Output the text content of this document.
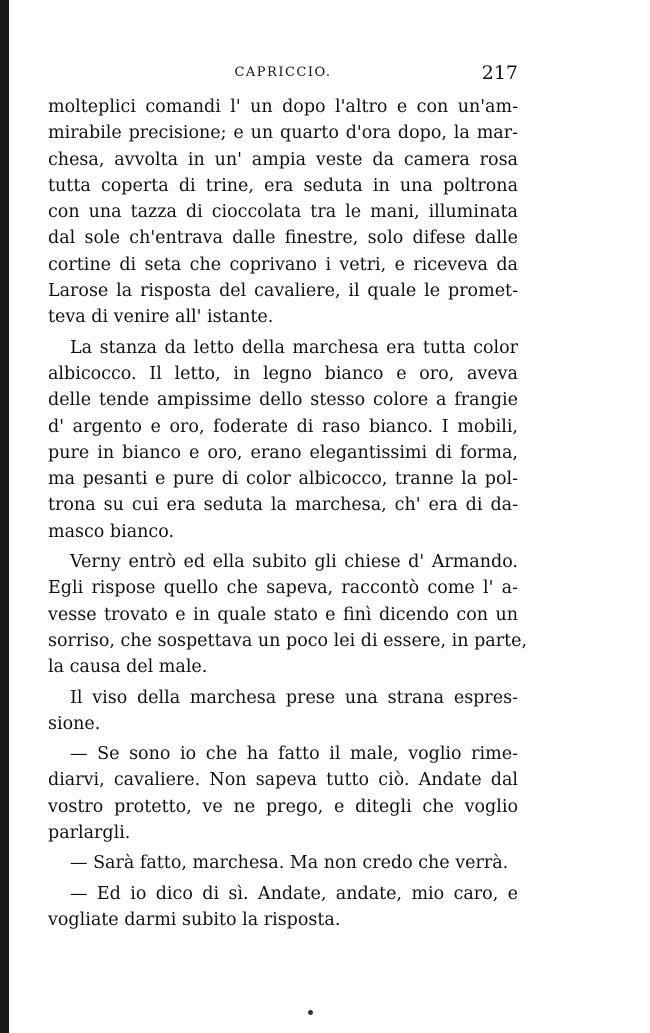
CAPRICCIO.	217
molteplici comandi l' un dopo l'altro e con un'am-
mirabile precisione; e un quarto d'ora dopo, la mar-
chesa, avvolta in un' ampia veste da camera rosa
tutta coperta di trine, era seduta in una poltrona
con una tazza di cioccolata tra le mani, illuminata
dal sole ch'entrava dalle finestre, solo difese dalle
cortine di seta che coprivano i vetri, e riceveva da
Larose la risposta del cavaliere, il quale le promet-
teva di venire all' istante.
La stanza da letto della marchesa era tutta color
albicocco. Il letto, in legno bianco e oro, aveva
delle tende ampissime dello stesso colore a frangie
d' argento e oro, foderate di raso bianco. I mobili,
pure in bianco e oro, erano elegantissimi di forma,
ma pesanti e pure di color albicocco, tranne la pol-
trona su cui era seduta la marchesa, ch' era di da-
masco bianco.
Verny entrò ed ella subito gli chiese d' Armando.
Egli rispose quello che sapeva, raccontò come l' a-
vesse trovato e in quale stato e finì dicendo con un
sorriso, che sospettava un poco lei di essere, in parte,
la causa del male.
Il viso della marchesa prese una strana espres-
sione.
— Se sono io che ha fatto il male, voglio rime-
diarvi, cavaliere. Non sapeva tutto ciò. Andate dal
vostro protetto, ve ne prego, e ditegli che voglio
parlargli.
— Sarà fatto, marchesa. Ma non credo che verrà.
— Ed io dico di sì. Andate, andate, mio caro, e
vogliate darmi subito la risposta.
